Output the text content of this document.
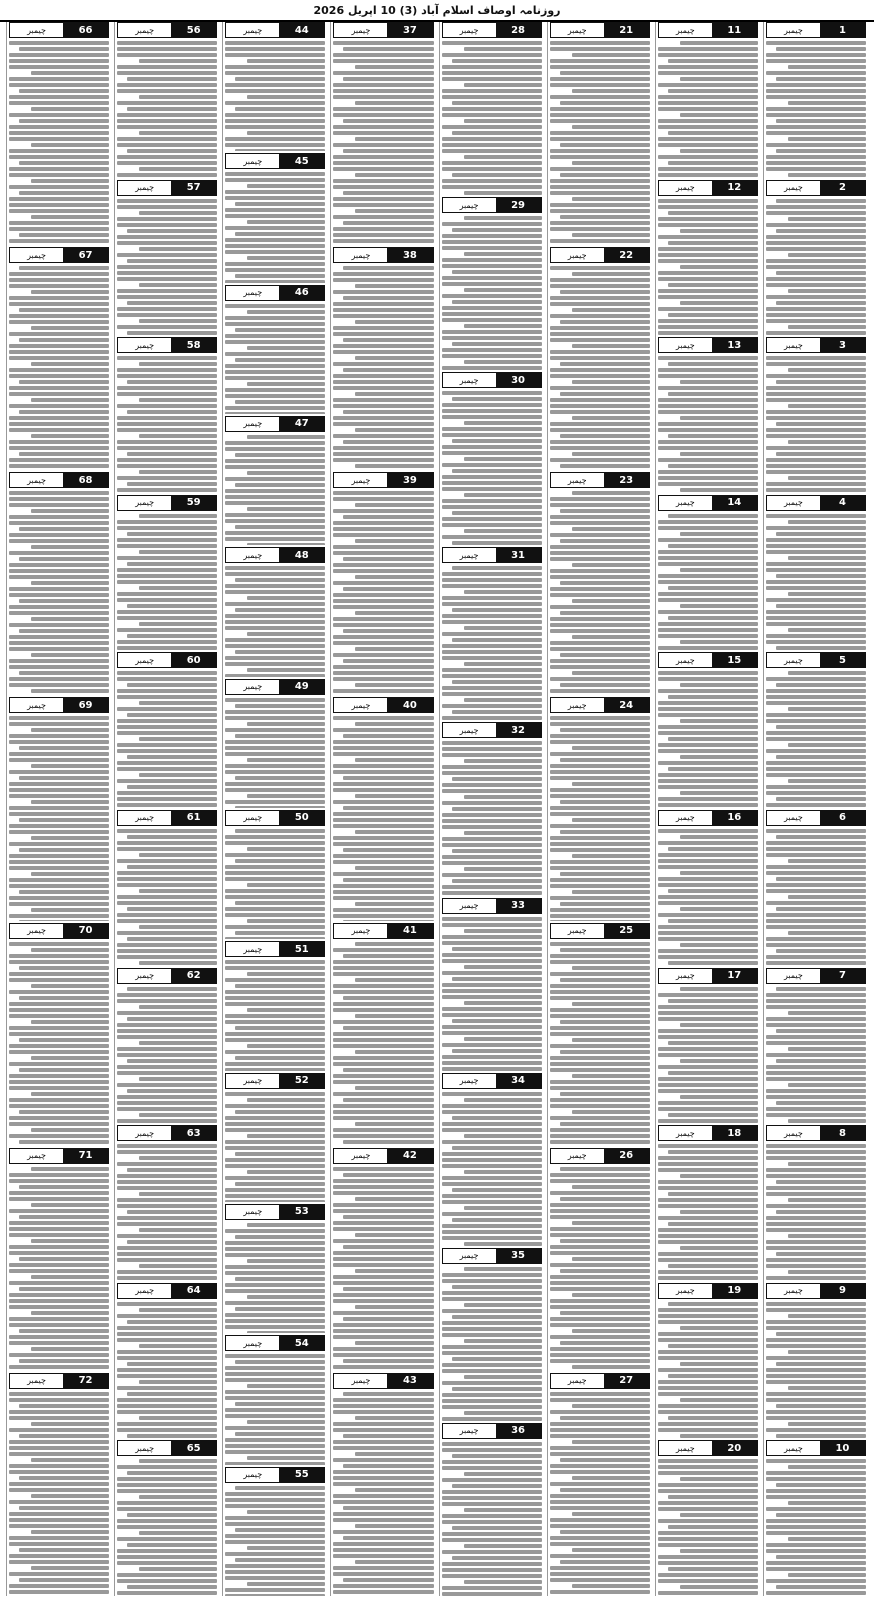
روزنامہ اوصاف اسلام آباد (3) 10 اپریل 2026
1
چیمبر
2
چیمبر
3
چیمبر
4
چیمبر
5
چیمبر
6
چیمبر
7
چیمبر
8
چیمبر
9
چیمبر
10
چیمبر
11
چیمبر
12
چیمبر
13
چیمبر
14
چیمبر
15
چیمبر
16
چیمبر
17
چیمبر
18
چیمبر
19
چیمبر
20
چیمبر
21
چیمبر
22
چیمبر
23
چیمبر
24
چیمبر
25
چیمبر
26
چیمبر
27
چیمبر
28
چیمبر
29
چیمبر
30
چیمبر
31
چیمبر
32
چیمبر
33
چیمبر
34
چیمبر
35
چیمبر
36
چیمبر
37
چیمبر
38
چیمبر
39
چیمبر
40
چیمبر
41
چیمبر
42
چیمبر
43
چیمبر
44
چیمبر
45
چیمبر
46
چیمبر
47
چیمبر
48
چیمبر
49
چیمبر
50
چیمبر
51
چیمبر
52
چیمبر
53
چیمبر
54
چیمبر
55
چیمبر
56
چیمبر
57
چیمبر
58
چیمبر
59
چیمبر
60
چیمبر
61
چیمبر
62
چیمبر
63
چیمبر
64
چیمبر
65
چیمبر
66
چیمبر
67
چیمبر
68
چیمبر
69
چیمبر
70
چیمبر
71
چیمبر
72
چیمبر
